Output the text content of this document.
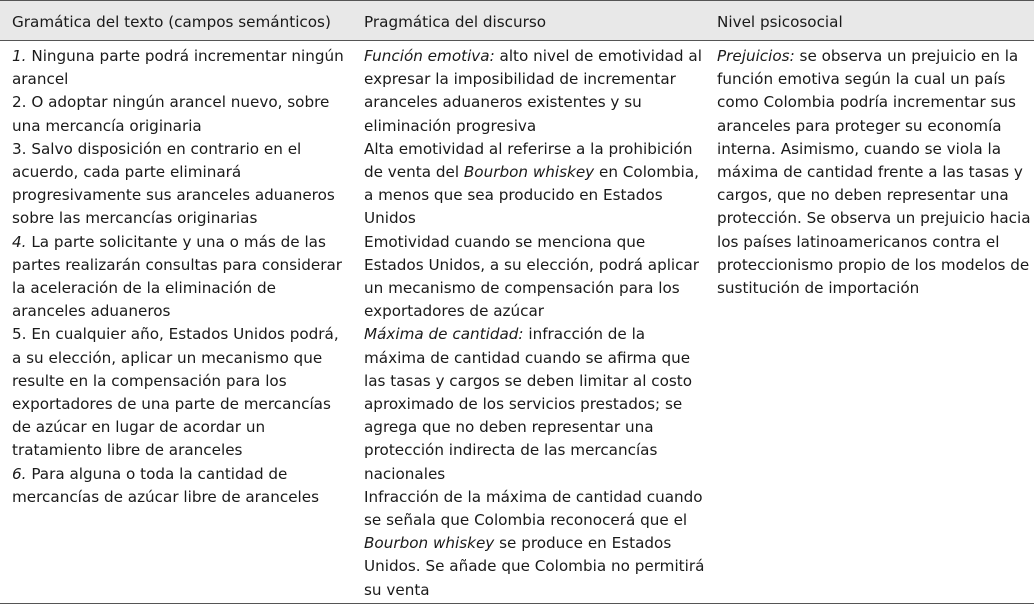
Gramática del texto (campos semánticos) Pragmática del discurso	Nivel psicosocial

1. Ninguna parte podrá incrementar ningún arancel

2. O adoptar ningún arancel nuevo, sobre una mercancía originaria

3. Salvo disposición en contrario en el acuerdo, cada parte eliminará progresivamente sus aranceles aduaneros sobre las mercancías originarias

4. La parte solicitante y una o más de las partes realizarán consultas para considerar la aceleración de la eliminación de aranceles aduaneros

5. En cualquier año, Estados Unidos podrá, a su elección, aplicar un mecanismo que resulte en la compensación para los exportadores de una parte de mercancías de azúcar en lugar de acordar un tratamiento libre de aranceles

6. Para alguna o toda la cantidad de mercancías de azúcar libre de aranceles

Función emotiva: alto nivel de emotividad al expresar la imposibilidad de incrementar aranceles aduaneros existentes y su eliminación progresiva

Alta emotividad al referirse a la prohibición de venta del Bourbon whiskey en Colombia, a menos que sea producido en Estados Unidos

Emotividad cuando se menciona que Estados Unidos, a su elección, podrá aplicar un mecanismo de compensación para los exportadores de azúcar

Máxima de cantidad: infracción de la máxima de cantidad cuando se afirma que las tasas y cargos se deben limitar al costo aproximado de los servicios prestados; se agrega que no deben representar una protección indirecta de las mercancías nacionales

Infracción de la máxima de cantidad cuando se señala que Colombia reconocerá que el Bourbon whiskey se produce en Estados Unidos. Se añade que Colombia no permitirá su venta

Prejuicios: se observa un prejuicio en la función emotiva según la cual un país como Colombia podría incrementar sus aranceles para proteger su economía interna. Asimismo, cuando se viola la máxima de cantidad frente a las tasas y cargos, que no deben representar una protección. Se observa un prejuicio hacia los países latinoamericanos contra el proteccionismo propio de los modelos de sustitución de importación
